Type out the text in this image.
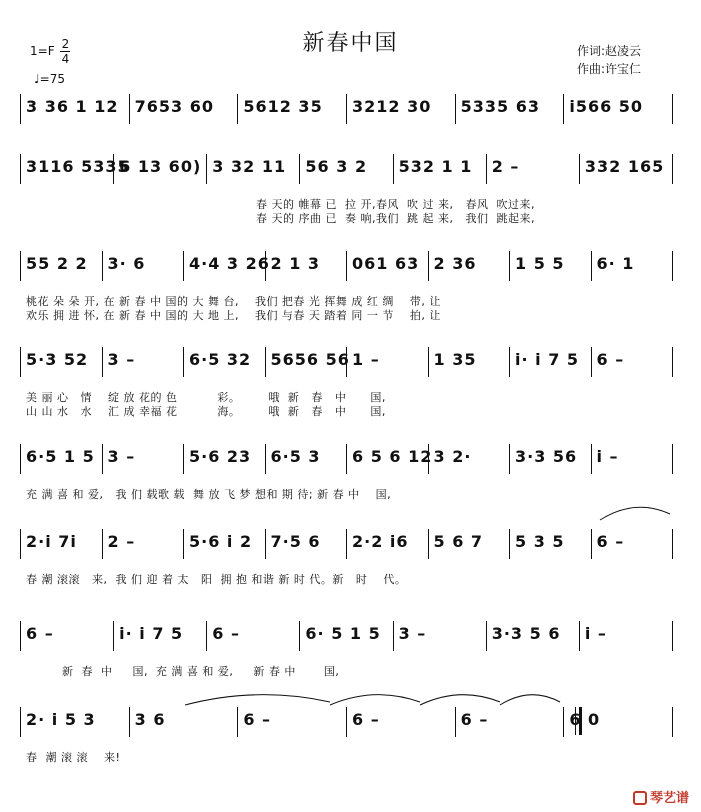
新春中国
$1=F \frac{2}{4}$
♩=75
作词:赵凌云
作曲:许宝仁
3 36 1 12	7653 60	5612 35	3212 30	5335 63	i566 50
3116 5335
6 13 60) 3 32 11	56 3 2	532 1 1	2 –	332 165
春 天的 帷幕 已  拉 开,春风  吹 过 来,   春风  吹过来,
春 天的 序曲 已  奏 响,我们  跳 起 来,   我们  跳起来,
55 2 2	3· 6	4·4 3 26 2 1 3	061 63 2 36	1 5 5	6· 1
桃花 朵 朵 开, 在 新 春 中 国的 大 舞 台,    我们 把春 光 挥舞 成 红 绸    带, 让
欢乐 拥 进 怀, 在 新 春 中 国的 大 地 上,    我们 与春 天 踏着 同 一 节    拍, 让
5·3 52	3 –	6·5 32	5656 56 1 –	1 35	i· i 7 5	6 –
美 丽 心   情    绽 放 花的 色          彩。       哦  新   春   中      国,
山 山 水   水    汇 成 幸福 花          海。       哦  新   春   中      国,
6·5 1 5 3 –	5·6 23	6·5 3	6 5 6 12 3 2·	3·3 56	i –
充 满 喜 和 爱,   我 们 载歌 载  舞 放 飞 梦 想和 期 待; 新 春 中    国,
2·i 7i	2 –	5·6 i 2	7·5 6	2·2 i6	5 6 7	5 3 5	6 –
春 潮 滚滚   来,  我 们 迎 着 太   阳  拥 抱 和谐 新 时 代。新   时    代。
6 –	i· i 7 5	6 –	6· 5 1 5	3 –	3·3 5 6	i –
新  春  中     国,  充 满 喜 和 爱,     新 春 中       国,
2· i 5 3	3 6	6 –	6 –	6 –	6 0
春  潮 滚 滚    来!
琴艺谱
